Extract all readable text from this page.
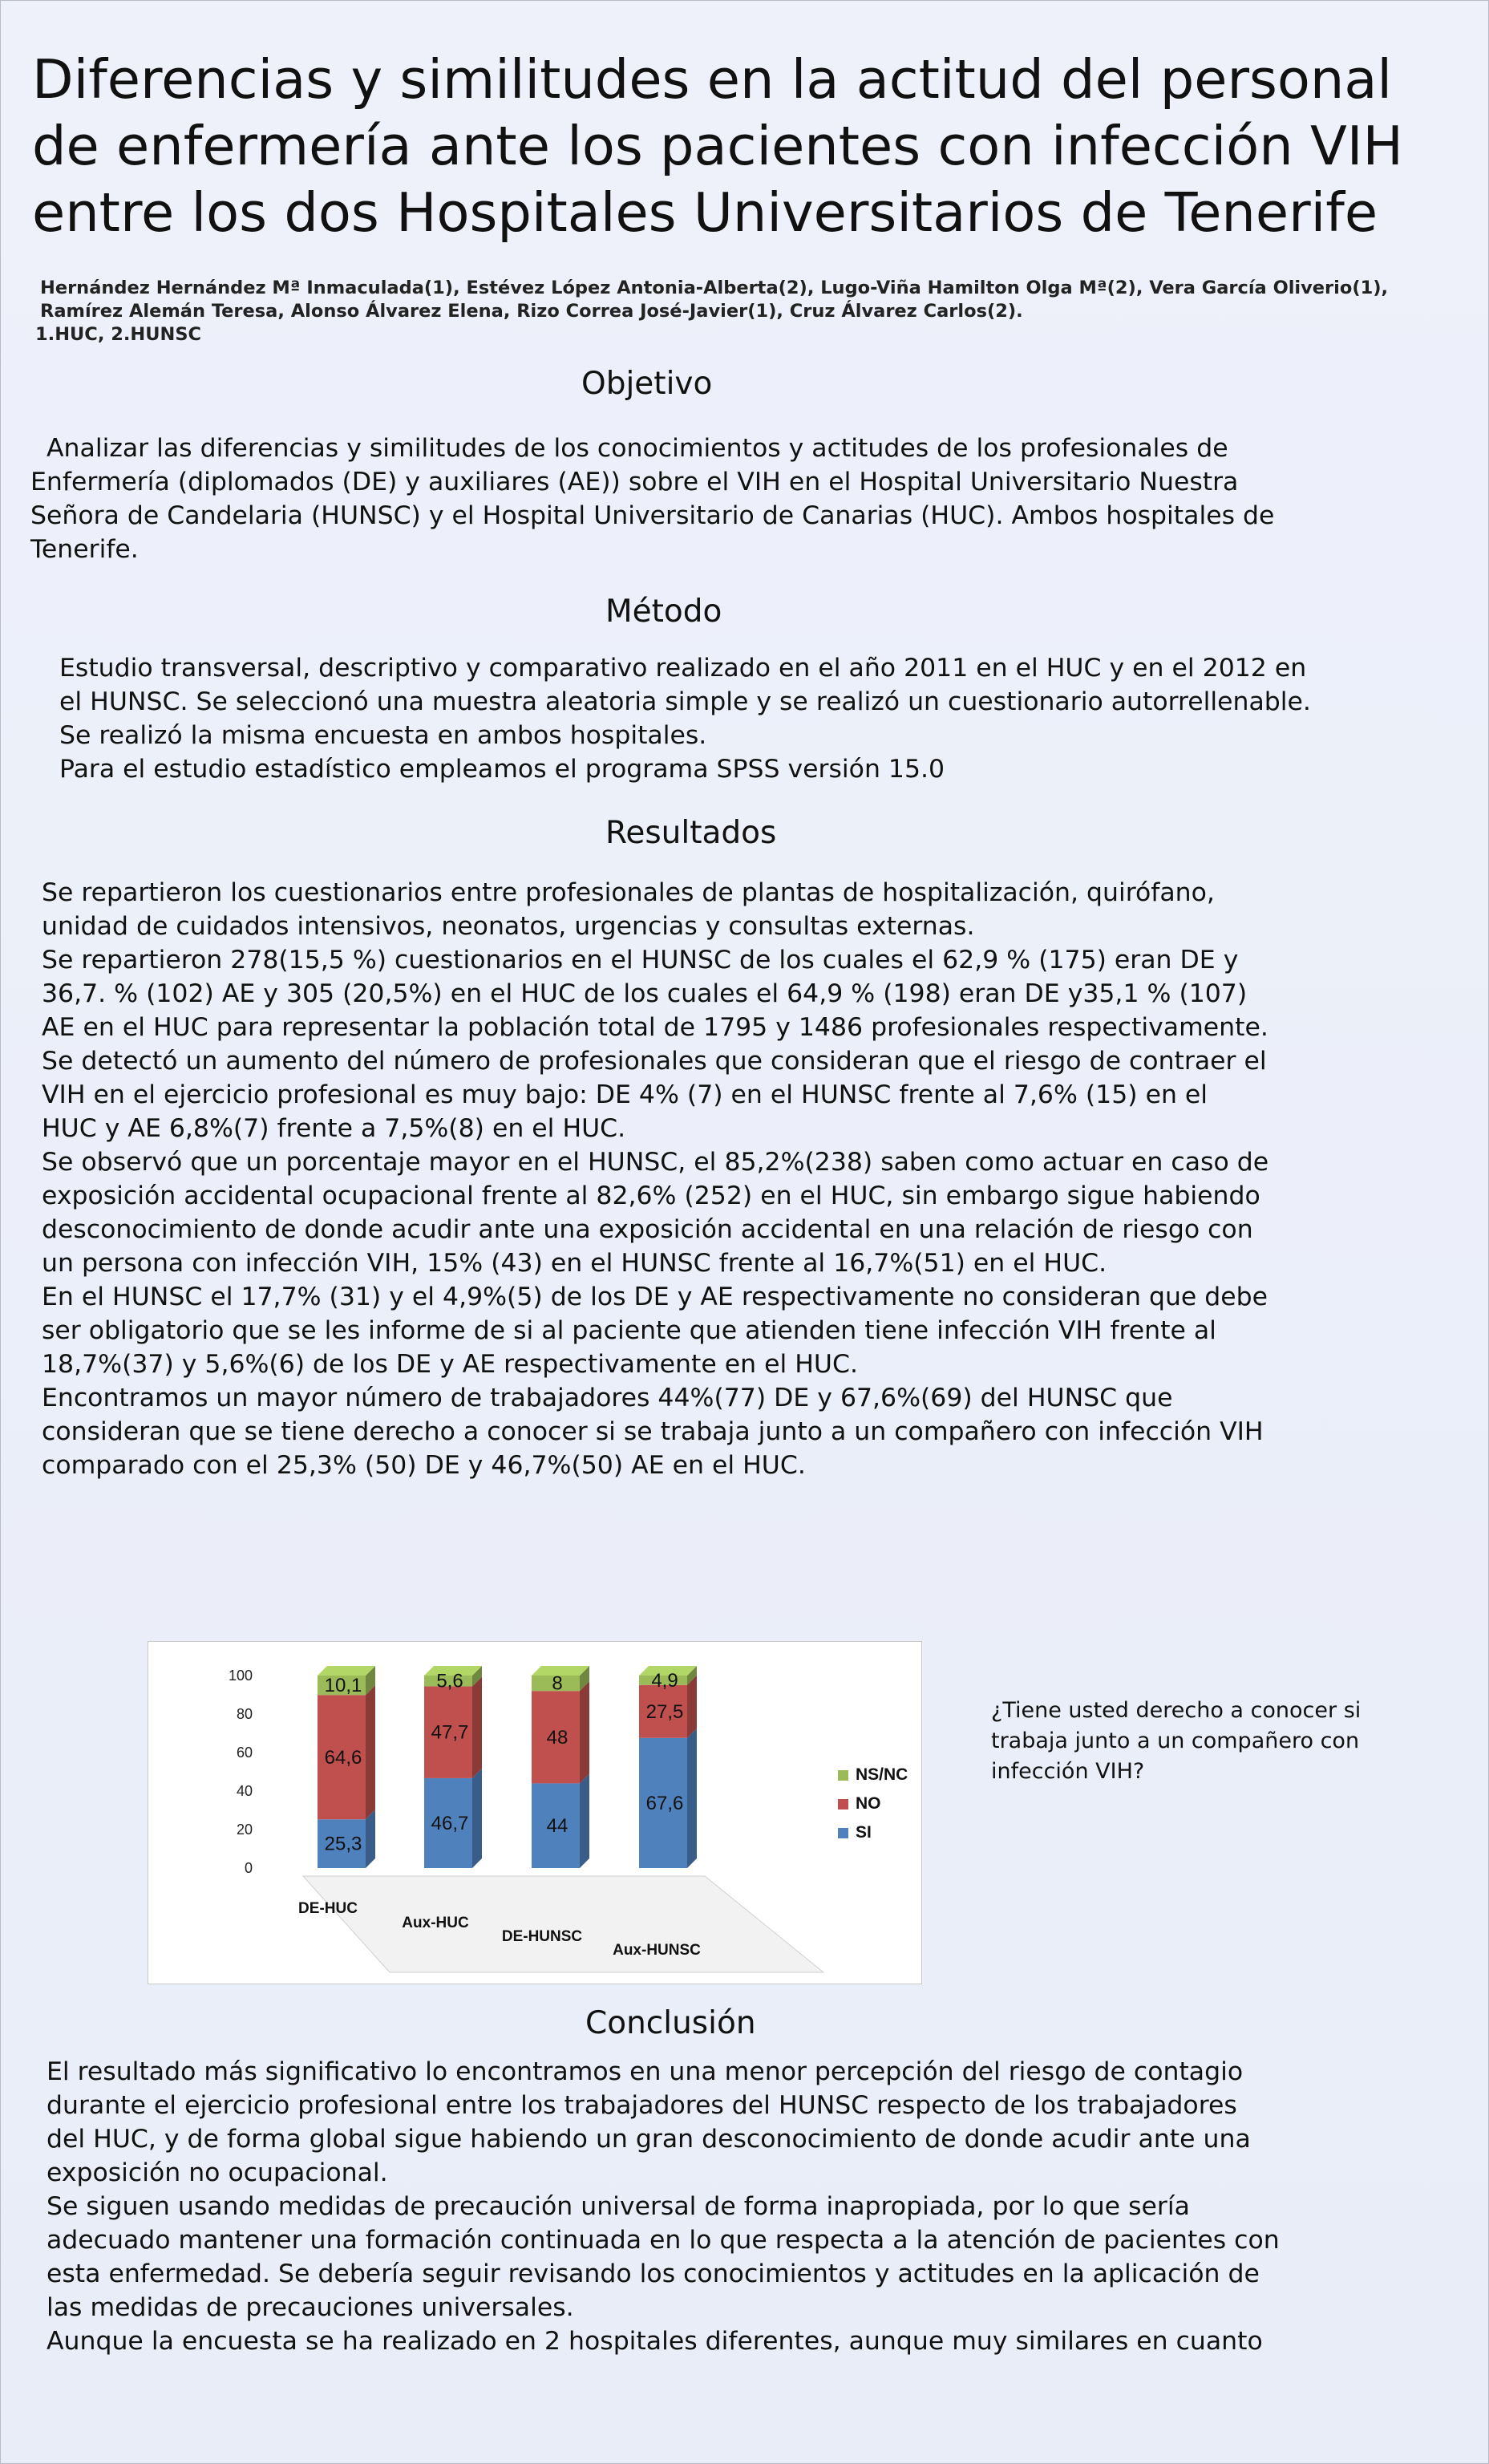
Diferencias y similitudes en la actitud del personal
de enfermería ante los pacientes con infección VIH
entre los dos Hospitales Universitarios de Tenerife
Hernández Hernández Mª Inmaculada(1), Estévez López Antonia-Alberta(2), Lugo-Viña Hamilton Olga Mª(2), Vera García Oliverio(1),
Ramírez Alemán Teresa, Alonso Álvarez Elena, Rizo Correa José-Javier(1), Cruz Álvarez Carlos(2).
1.HUC, 2.HUNSC
Objetivo
Analizar las diferencias y similitudes de los conocimientos y actitudes de los profesionales de
Enfermería (diplomados (DE) y auxiliares (AE)) sobre el VIH en el Hospital Universitario Nuestra
Señora de Candelaria (HUNSC) y el Hospital Universitario de Canarias (HUC). Ambos hospitales de
Tenerife.
Método
Estudio transversal, descriptivo y comparativo realizado en el año 2011 en el HUC y en el 2012 en
el HUNSC. Se seleccionó una muestra aleatoria simple y se realizó un cuestionario autorrellenable.
Se realizó la misma encuesta en ambos hospitales.
Para el estudio estadístico empleamos el programa SPSS versión 15.0
Resultados
Se repartieron los cuestionarios entre profesionales de plantas de hospitalización, quirófano,
unidad de cuidados intensivos, neonatos, urgencias y consultas externas.
Se repartieron 278(15,5 %) cuestionarios en el HUNSC de los cuales el 62,9 % (175) eran DE y
36,7. % (102) AE y 305 (20,5%) en el HUC de los cuales el 64,9 % (198) eran DE y35,1 % (107)
AE en el HUC para representar la población total de 1795 y 1486 profesionales respectivamente.
Se detectó un aumento del número de profesionales que consideran que el riesgo de contraer el
VIH en el ejercicio profesional es muy bajo: DE 4% (7) en el HUNSC frente al 7,6% (15) en el
HUC y AE 6,8%(7) frente a 7,5%(8) en el HUC.
Se observó que un porcentaje mayor en el HUNSC, el 85,2%(238) saben como actuar en caso de
exposición accidental ocupacional frente al 82,6% (252) en el HUC, sin embargo sigue habiendo
desconocimiento de donde acudir ante una exposición accidental en una relación de riesgo con
un persona con infección VIH, 15% (43) en el HUNSC frente al 16,7%(51) en el HUC.
En el HUNSC el 17,7% (31) y el 4,9%(5) de los DE y AE respectivamente no consideran que debe
ser obligatorio que se les informe de si al paciente que atienden tiene infección VIH frente al
18,7%(37) y 5,6%(6) de los DE y AE respectivamente en el HUC.
Encontramos un mayor número de trabajadores 44%(77) DE y 67,6%(69) del HUNSC que
consideran que se tiene derecho a conocer si se trabaja junto a un compañero con infección VIH
comparado con el 25,3% (50) DE y 46,7%(50) AE en el HUC.
0
20
40
60
80
100
25,3
64,6
10,1
DE-HUC
46,7
47,7
5,6
Aux-HUC
44
48
8
DE-HUNSC
67,6
27,5
4,9
Aux-HUNSC
NS/NC
NO
SI
¿Tiene usted derecho a conocer si
trabaja junto a un compañero con
infección VIH?
Conclusión
El resultado más significativo lo encontramos en una menor percepción del riesgo de contagio
durante el ejercicio profesional entre los trabajadores del HUNSC respecto de los trabajadores
del HUC, y de forma global sigue habiendo un gran desconocimiento de donde acudir ante una
exposición no ocupacional.
Se siguen usando medidas de precaución universal de forma inapropiada, por lo que sería
adecuado mantener una formación continuada en lo que respecta a la atención de pacientes con
esta enfermedad. Se debería seguir revisando los conocimientos y actitudes en la aplicación de
las medidas de precauciones universales.
Aunque la encuesta se ha realizado en 2 hospitales diferentes, aunque muy similares en cuanto
